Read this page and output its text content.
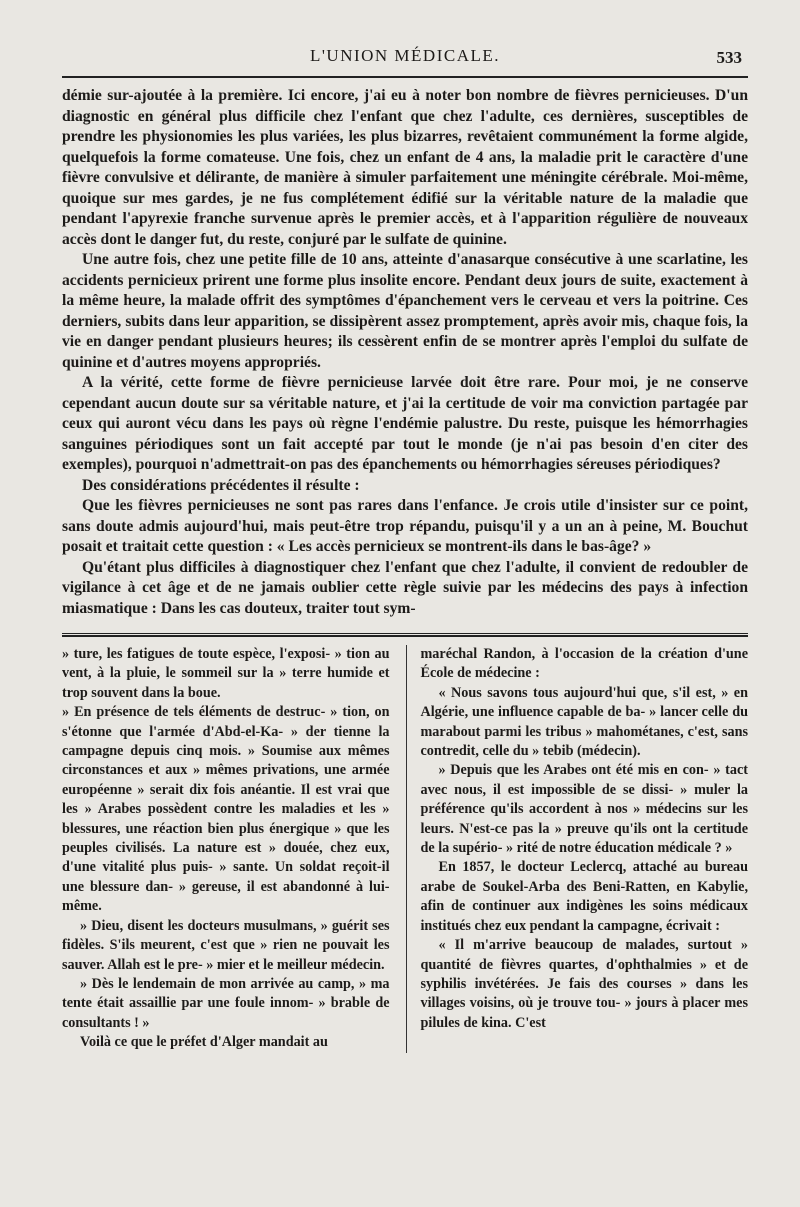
L'UNION MÉDICALE.	533

démie sur-ajoutée à la première. Ici encore, j'ai eu à noter bon nombre de fièvres pernicieuses. D'un diagnostic en général plus difficile chez l'enfant que chez l'adulte, ces dernières, susceptibles de prendre les physionomies les plus variées, les plus bizarres, revêtaient communément la forme algide, quelquefois la forme comateuse. Une fois, chez un enfant de 4 ans, la maladie prit le caractère d'une fièvre convulsive et délirante, de manière à simuler parfaitement une méningite cérébrale. Moi-même, quoique sur mes gardes, je ne fus complétement édifié sur la véritable nature de la maladie que pendant l'apyrexie franche survenue après le premier accès, et à l'apparition régulière de nouveaux accès dont le danger fut, du reste, conjuré par le sulfate de quinine.

Une autre fois, chez une petite fille de 10 ans, atteinte d'anasarque consécutive à une scarlatine, les accidents pernicieux prirent une forme plus insolite encore. Pendant deux jours de suite, exactement à la même heure, la malade offrit des symptômes d'épanchement vers le cerveau et vers la poitrine. Ces derniers, subits dans leur apparition, se dissipèrent assez promptement, après avoir mis, chaque fois, la vie en danger pendant plusieurs heures; ils cessèrent enfin de se montrer après l'emploi du sulfate de quinine et d'autres moyens appropriés.

A la vérité, cette forme de fièvre pernicieuse larvée doit être rare. Pour moi, je ne conserve cependant aucun doute sur sa véritable nature, et j'ai la certitude de voir ma conviction partagée par ceux qui auront vécu dans les pays où règne l'endémie palustre. Du reste, puisque les hémorrhagies sanguines périodiques sont un fait accepté par tout le monde (je n'ai pas besoin d'en citer des exemples), pourquoi n'admettrait-on pas des épanchements ou hémorrhagies séreuses périodiques?

Des considérations précédentes il résulte :

Que les fièvres pernicieuses ne sont pas rares dans l'enfance. Je crois utile d'insister sur ce point, sans doute admis aujourd'hui, mais peut-être trop répandu, puisqu'il y a un an à peine, M. Bouchut posait et traitait cette question : « Les accès pernicieux se montrent-ils dans le bas-âge? »

Qu'étant plus difficiles à diagnostiquer chez l'enfant que chez l'adulte, il convient de redoubler de vigilance à cet âge et de ne jamais oublier cette règle suivie par les médecins des pays à infection miasmatique : Dans les cas douteux, traiter tout sym-

» ture, les fatigues de toute espèce, l'exposi- » tion au vent, à la pluie, le sommeil sur la » terre humide et trop souvent dans la boue.

» En présence de tels éléments de destruc- » tion, on s'étonne que l'armée d'Abd-el-Ka- » der tienne la campagne depuis cinq mois. » Soumise aux mêmes circonstances et aux » mêmes privations, une armée européenne » serait dix fois anéantie. Il est vrai que les » Arabes possèdent contre les maladies et les » blessures, une réaction bien plus énergique » que les peuples civilisés. La nature est » douée, chez eux, d'une vitalité plus puis- » sante. Un soldat reçoit-il une blessure dan- » gereuse, il est abandonné à lui-même.

» Dieu, disent les docteurs musulmans, » guérit ses fidèles. S'ils meurent, c'est que » rien ne pouvait les sauver. Allah est le pre- » mier et le meilleur médecin.

» Dès le lendemain de mon arrivée au camp, » ma tente était assaillie par une foule innom- » brable de consultants ! »

Voilà ce que le préfet d'Alger mandait au

maréchal Randon, à l'occasion de la création d'une École de médecine :

« Nous savons tous aujourd'hui que, s'il est, » en Algérie, une influence capable de ba- » lancer celle du marabout parmi les tribus » mahométanes, c'est, sans contredit, celle du » tebib (médecin).

» Depuis que les Arabes ont été mis en con- » tact avec nous, il est impossible de se dissi- » muler la préférence qu'ils accordent à nos » médecins sur les leurs. N'est-ce pas la » preuve qu'ils ont la certitude de la supério- » rité de notre éducation médicale ? »

En 1857, le docteur Leclercq, attaché au bureau arabe de Soukel-Arba des Beni-Ratten, en Kabylie, afin de continuer aux indigènes les soins médicaux institués chez eux pendant la campagne, écrivait :

« Il m'arrive beaucoup de malades, surtout » quantité de fièvres quartes, d'ophthalmies » et de syphilis invétérées. Je fais des courses » dans les villages voisins, où je trouve tou- » jours à placer mes pilules de kina. C'est
